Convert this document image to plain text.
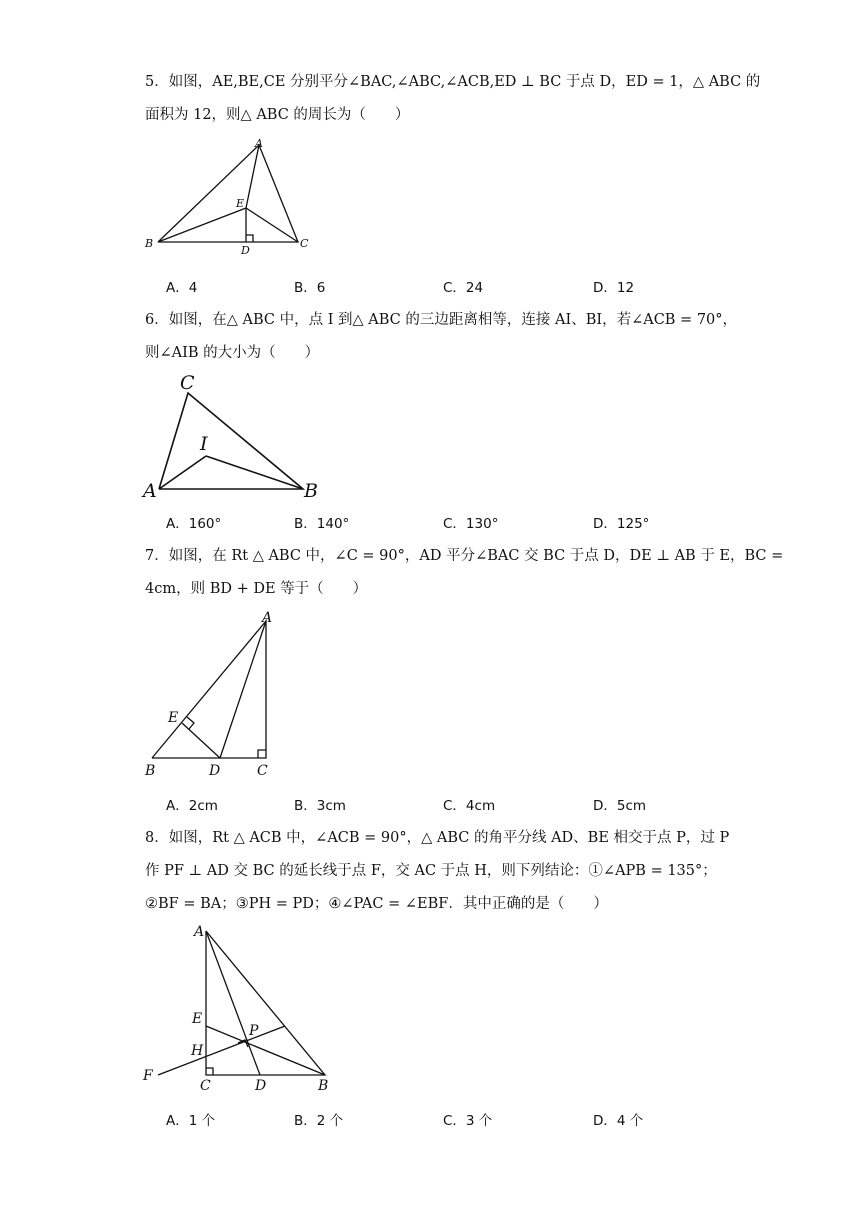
5．如图，AE,BE,CE 分别平分∠BAC,∠ABC,∠ACB,ED ⊥ BC 于点 D，ED = 1，△ ABC 的
面积为 12，则△ ABC 的周长为（　　）
A
E
B
D
C
A．4	B．6	C．24	D．12
6．如图，在△ ABC 中，点 I 到△ ABC 的三边距离相等，连接 AI、BI，若∠ACB = 70°，
则∠AIB 的大小为（　　）
C
I
A	B
A．160°	B．140°	C．130°	D．125°
7．如图，在 Rt △ ABC 中，∠C = 90°，AD 平分∠BAC 交 BC 于点 D，DE ⊥ AB 于 E，BC =
4cm，则 BD + DE 等于（　　）
A
E
B	D	C
A．2cm	B．3cm	C．4cm	D．5cm
8．如图，Rt △ ACB 中，∠ACB = 90°，△ ABC 的角平分线 AD、BE 相交于点 P，过 P
作 PF ⊥ AD 交 BC 的延长线于点 F，交 AC 于点 H，则下列结论：①∠APB = 135°；
②BF = BA；③PH = PD；④∠PAC = ∠EBF．其中正确的是（　　）
A
E
P
H
F
C	D	B
A．1 个	B．2 个	C．3 个	D．4 个
